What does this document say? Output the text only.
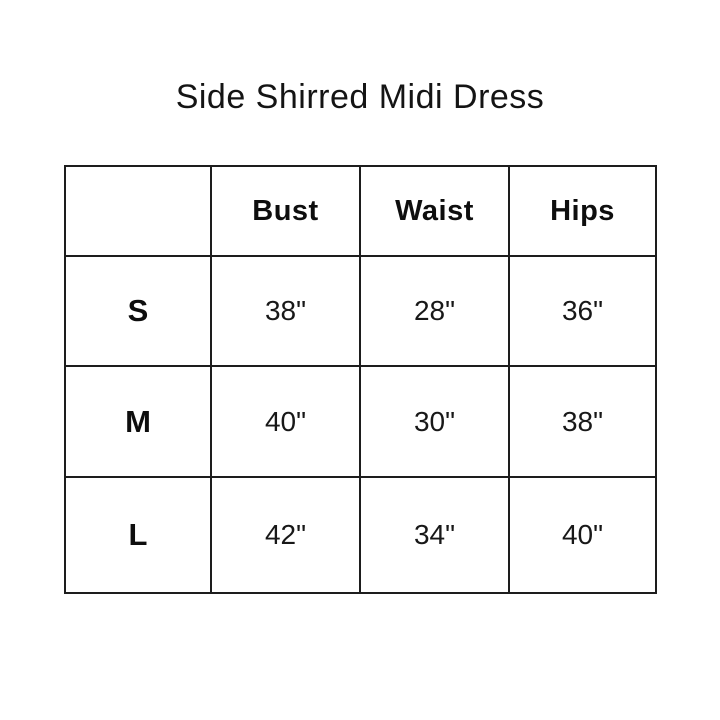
Side Shirred Midi Dress
	Bust	Waist	Hips
S	38"	28"	36"
M	40"	30"	38"
L	42"	34"	40"
